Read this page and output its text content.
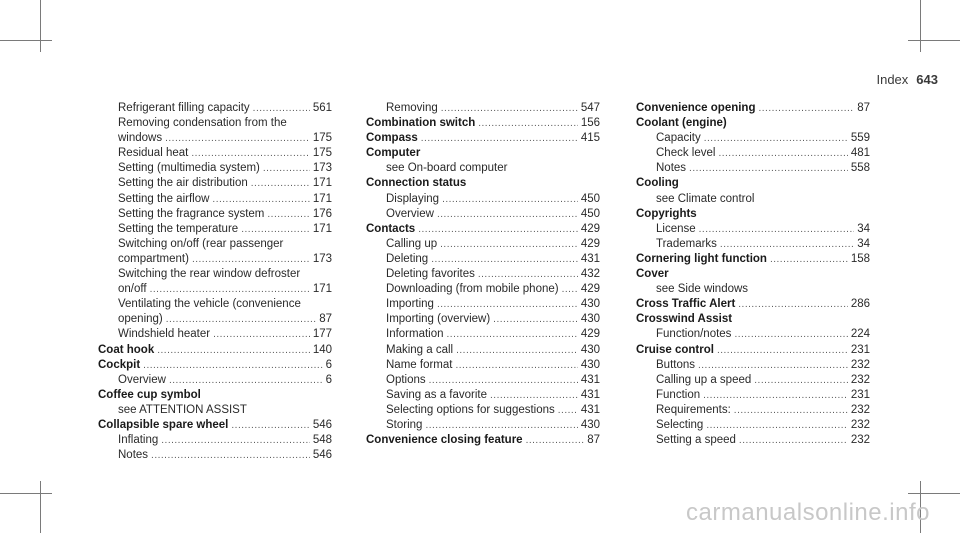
Index 643
Refrigerant filling capacity .....	561
Removing condensation from the
windows .....	175
Residual heat .....	175
Setting (multimedia system) .....	173
Setting the air distribution .....	171
Setting the airflow .....	171
Setting the fragrance system .....	176
Setting the temperature .....	171
Switching on/off (rear passenger
compartment) .....	173
Switching the rear window defroster
on/off .....	171
Ventilating the vehicle (convenience
opening) .....	87
Windshield heater .....	177
Coat hook .....	140
Cockpit .....	6
Overview .....	6
Coffee cup symbol
see ATTENTION ASSIST
Collapsible spare wheel .....	546
Inflating .....	548
Notes .....	546
Removing .....	547
Combination switch .....	156
Compass .....	415
Computer
see On-board computer
Connection status
Displaying .....	450
Overview .....	450
Contacts .....	429
Calling up .....	429
Deleting .....	431
Deleting favorites .....	432
Downloading (from mobile phone) ..... 429
Importing .....	430
Importing (overview) .....	430
Information .....	429
Making a call .....	430
Name format .....	430
Options .....	431
Saving as a favorite .....	431
Selecting options for suggestions ..... 431
Storing .....	430
Convenience closing feature .....	87
Convenience opening .....	87
Coolant (engine)
Capacity .....	559
Check level .....	481
Notes .....	558
Cooling
see Climate control
Copyrights
License .....	34
Trademarks .....	34
Cornering light function .....	158
Cover
see Side windows
Cross Traffic Alert .....	286
Crosswind Assist
Function/notes .....	224
Cruise control .....	231
Buttons .....	232
Calling up a speed .....	232
Function .....	231
Requirements: .....	232
Selecting .....	232
Setting a speed .....	232
carmanualsonline.info
